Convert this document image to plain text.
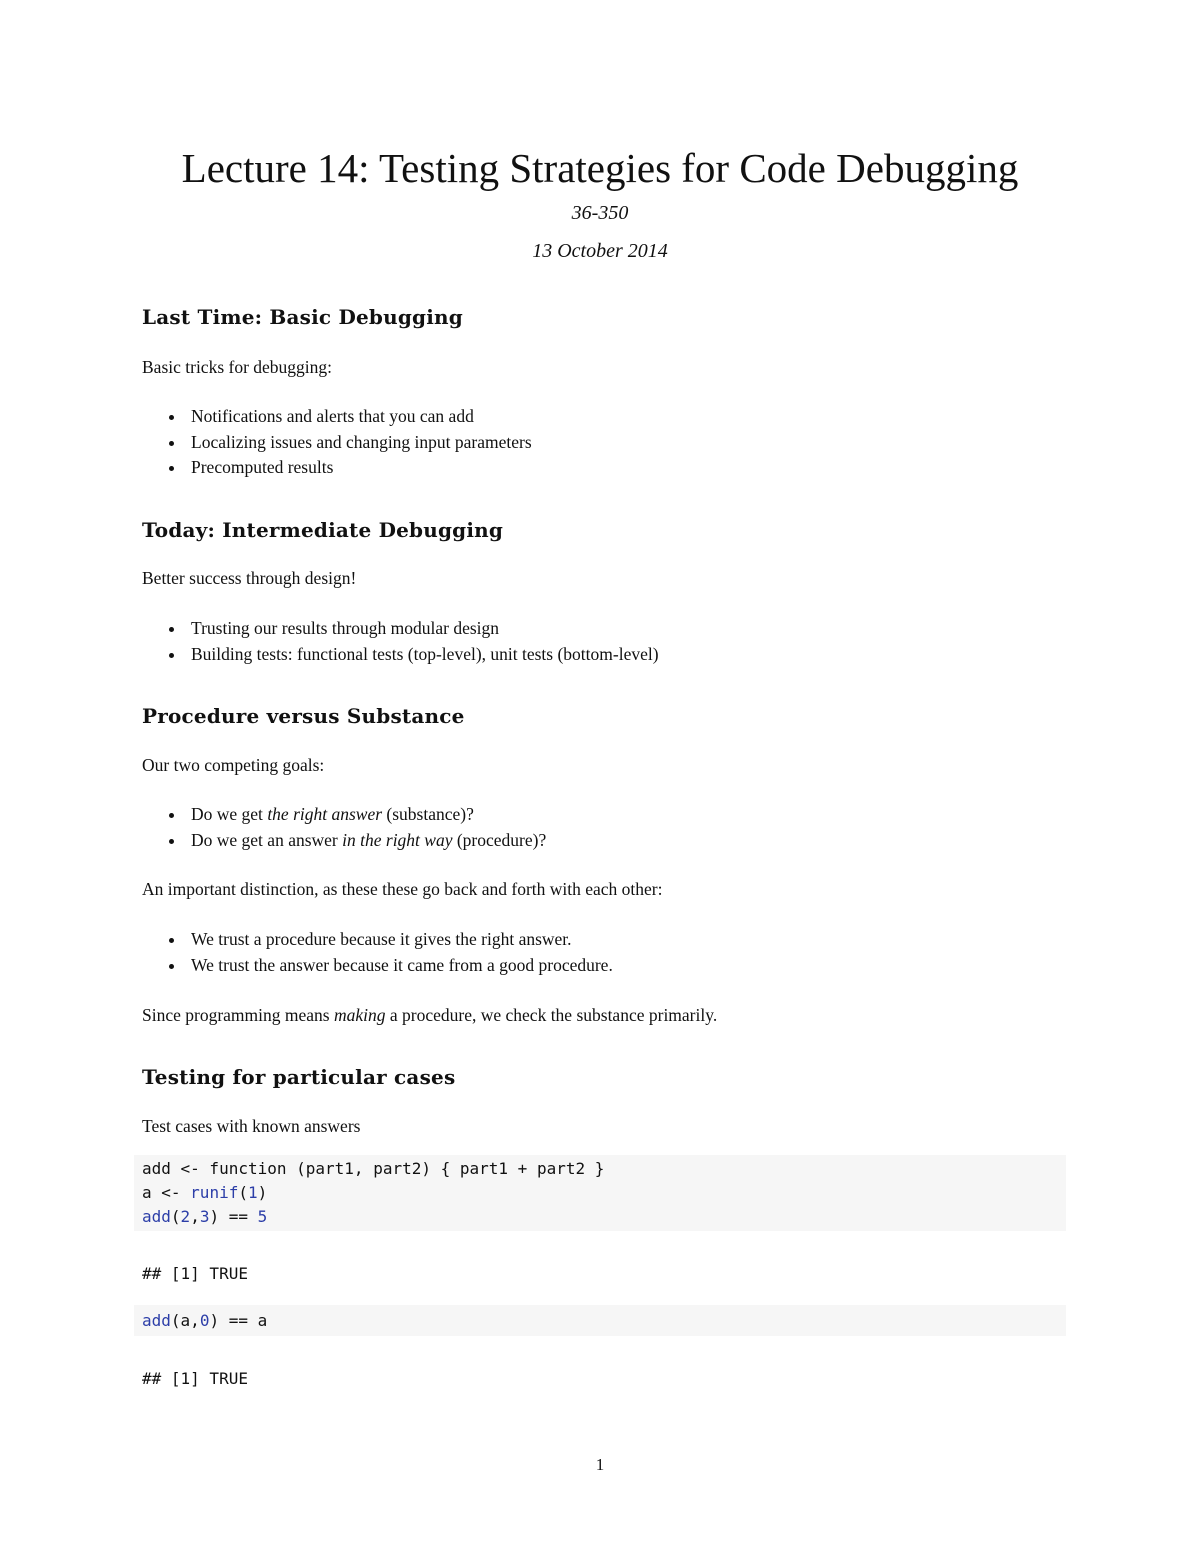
Lecture 14: Testing Strategies for Code Debugging
36-350
13 October 2014
Last Time: Basic Debugging
Basic tricks for debugging:
Notifications and alerts that you can add
Localizing issues and changing input parameters
Precomputed results
Today: Intermediate Debugging
Better success through design!
Trusting our results through modular design
Building tests: functional tests (top-level), unit tests (bottom-level)
Procedure versus Substance
Our two competing goals:
Do we get the right answer (substance)?
Do we get an answer in the right way (procedure)?
An important distinction, as these these go back and forth with each other:
We trust a procedure because it gives the right answer.
We trust the answer because it came from a good procedure.
Since programming means making a procedure, we check the substance primarily.
Testing for particular cases
Test cases with known answers
add <- function (part1, part2) { part1 + part2 }
a <- runif(1)
add(2,3) == 5
## [1] TRUE
add(a,0) == a
## [1] TRUE
1
